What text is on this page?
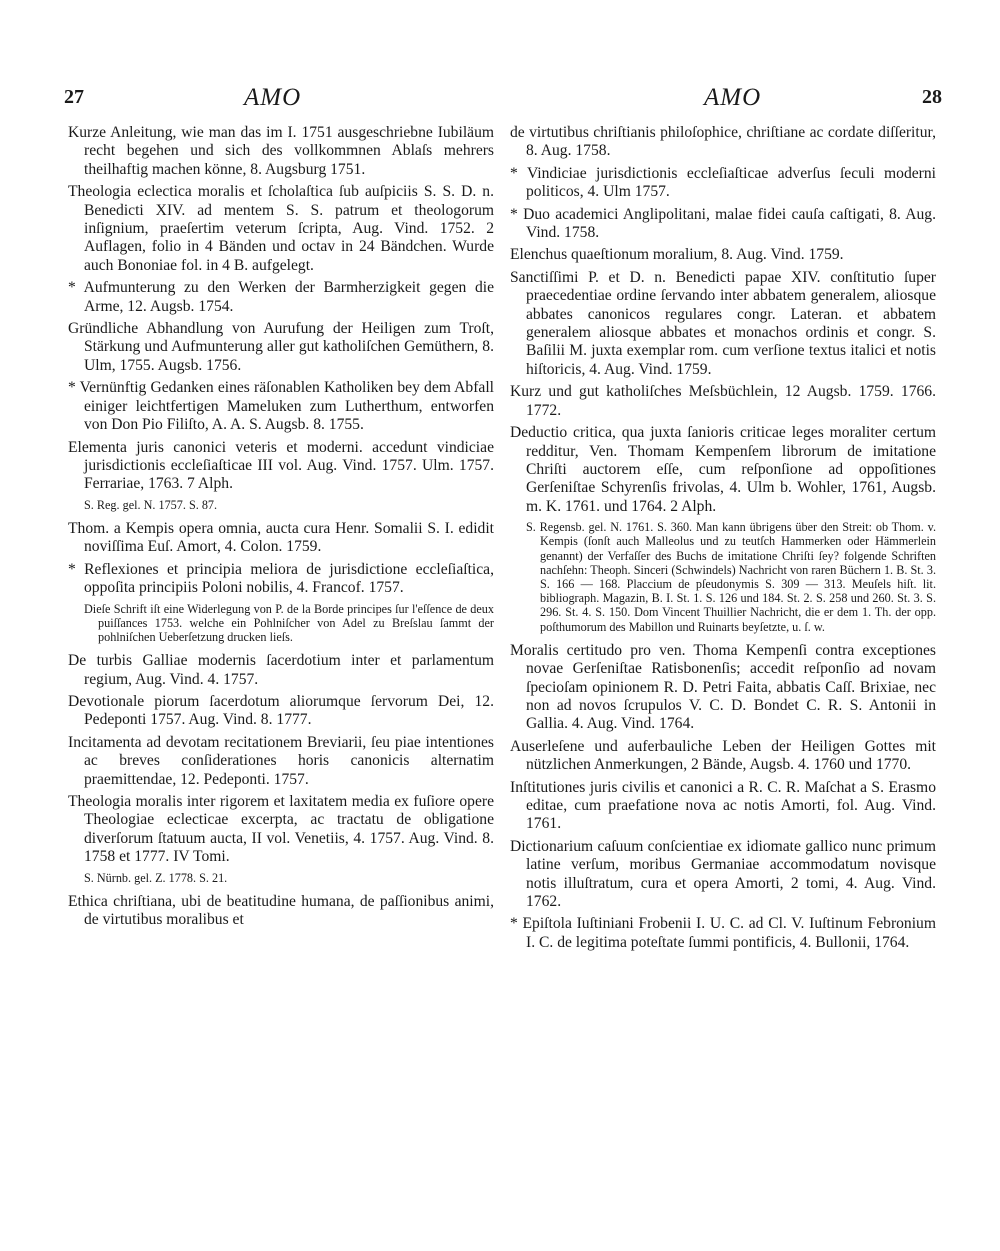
27	AMO	AMO	28

Kurze Anleitung, wie man das im I. 1751 ausgeschriebne Iubiläum recht begehen und sich des vollkommnen Ablaſs mehrers theilhaftig machen könne, 8. Augsburg 1751.

Theologia eclectica moralis et ſcholaſtica ſub auſpiciis S. S. D. n. Benedicti XIV. ad mentem S. S. patrum et theologorum inſignium, praeſertim veterum ſcripta, Aug. Vind. 1752. 2 Auflagen, folio in 4 Bänden und octav in 24 Bändchen. Wurde auch Bononiae fol. in 4 B. aufgelegt.

* Aufmunterung zu den Werken der Barmherzigkeit gegen die Arme, 12. Augsb. 1754.

Gründliche Abhandlung von Aurufung der Heiligen zum Troſt, Stärkung und Aufmunterung aller gut katholiſchen Gemüthern, 8. Ulm, 1755. Augsb. 1756.

* Vernünftig Gedanken eines räſonablen Katholiken bey dem Abfall einiger leichtfertigen Mameluken zum Lutherthum, entworfen von Don Pio Filiſto, A. A. S. Augsb. 8. 1755.

Elementa juris canonici veteris et moderni. accedunt vindiciae jurisdictionis eccleſiaſticae III vol. Aug. Vind. 1757. Ulm. 1757. Ferrariae, 1763. 7 Alph.

S. Reg. gel. N. 1757. S. 87.

Thom. a Kempis opera omnia, aucta cura Henr. Somalii S. I. edidit noviſſima Euſ. Amort, 4. Colon. 1759.

* Reflexiones et principia meliora de jurisdictione eccleſiaſtica, oppoſita principiis Poloni nobilis, 4. Francof. 1757.

Dieſe Schrift iſt eine Widerlegung von P. de la Borde principes ſur l'eſſence de deux puiſſances 1753. welche ein Pohlniſcher von Adel zu Breſslau ſammt der pohlniſchen Ueberſetzung drucken lieſs.

De turbis Galliae modernis ſacerdotium inter et parlamentum regium, Aug. Vind. 4. 1757.

Devotionale piorum ſacerdotum aliorumque ſervorum Dei, 12. Pedeponti 1757. Aug. Vind. 8. 1777.

Incitamenta ad devotam recitationem Breviarii, ſeu piae intentiones ac breves conſiderationes horis canonicis alternatim praemittendae, 12. Pedeponti. 1757.

Theologia moralis inter rigorem et laxitatem media ex fuſiore opere Theologiae eclecticae excerpta, ac tractatu de obligatione diverſorum ſtatuum aucta, II vol. Venetiis, 4. 1757. Aug. Vind. 8. 1758 et 1777. IV Tomi.

S. Nürnb. gel. Z. 1778. S. 21.

Ethica chriſtiana, ubi de beatitudine humana, de paſſionibus animi, de virtutibus moralibus et

de virtutibus chriſtianis philoſophice, chriſtiane ac cordate diſſeritur, 8. Aug. 1758.

* Vindiciae jurisdictionis eccleſiaſticae adverſus ſeculi moderni politicos, 4. Ulm 1757.

* Duo academici Anglipolitani, malae fidei cauſa caſtigati, 8. Aug. Vind. 1758.

Elenchus quaeſtionum moralium, 8. Aug. Vind. 1759.

Sanctiſſimi P. et D. n. Benedicti papae XIV. conſtitutio ſuper praecedentiae ordine ſervando inter abbatem generalem, aliosque abbates canonicos regulares congr. Lateran. et abbatem generalem aliosque abbates et monachos ordinis et congr. S. Baſilii M. juxta exemplar rom. cum verſione textus italici et notis hiſtoricis, 4. Aug. Vind. 1759.

Kurz und gut katholiſches Meſsbüchlein, 12 Augsb. 1759. 1766. 1772.

Deductio critica, qua juxta ſanioris criticae leges moraliter certum redditur, Ven. Thomam Kempenſem librorum de imitatione Chriſti auctorem eſſe, cum reſponſione ad oppoſitiones Gerſeniſtae Schyrenſis frivolas, 4. Ulm b. Wohler, 1761, Augsb. m. K. 1761. und 1764. 2 Alph.

S. Regensb. gel. N. 1761. S. 360. Man kann übrigens über den Streit: ob Thom. v. Kempis (ſonſt auch Malleolus und zu teutſch Hammerken oder Hämmerlein genannt) der Verfaſſer des Buchs de imitatione Chriſti ſey? folgende Schriften nachſehn: Theoph. Sinceri (Schwindels) Nachricht von raren Büchern 1. B. St. 3. S. 166 — 168. Placcium de pſeudonymis S. 309 — 313. Meuſels hiſt. lit. bibliograph. Magazin, B. I. St. 1. S. 126 und 184. St. 2. S. 258 und 260. St. 3. S. 296. St. 4. S. 150. Dom Vincent Thuillier Nachricht, die er dem 1. Th. der opp. poſthumorum des Mabillon und Ruinarts beyſetzte, u. ſ. w.

Moralis certitudo pro ven. Thoma Kempenſi contra exceptiones novae Gerſeniſtae Ratisbonenſis; accedit reſponſio ad novam ſpecioſam opinionem R. D. Petri Faita, abbatis Caſſ. Brixiae, nec non ad novos ſcrupulos V. C. D. Bondet C. R. S. Antonii in Gallia. 4. Aug. Vind. 1764.

Auserleſene und auferbauliche Leben der Heiligen Gottes mit nützlichen Anmerkungen, 2 Bände, Augsb. 4. 1760 und 1770.

Inſtitutiones juris civilis et canonici a R. C. R. Maſchat a S. Erasmo editae, cum praefatione nova ac notis Amorti, fol. Aug. Vind. 1761.

Dictionarium caſuum conſcientiae ex idiomate gallico nunc primum latine verſum, moribus Germaniae accommodatum novisque notis illuſtratum, cura et opera Amorti, 2 tomi, 4. Aug. Vind. 1762.

* Epiſtola Iuſtiniani Frobenii I. U. C. ad Cl. V. Iuſtinum Febronium I. C. de legitima poteſtate ſummi pontificis, 4. Bullonii, 1764.
